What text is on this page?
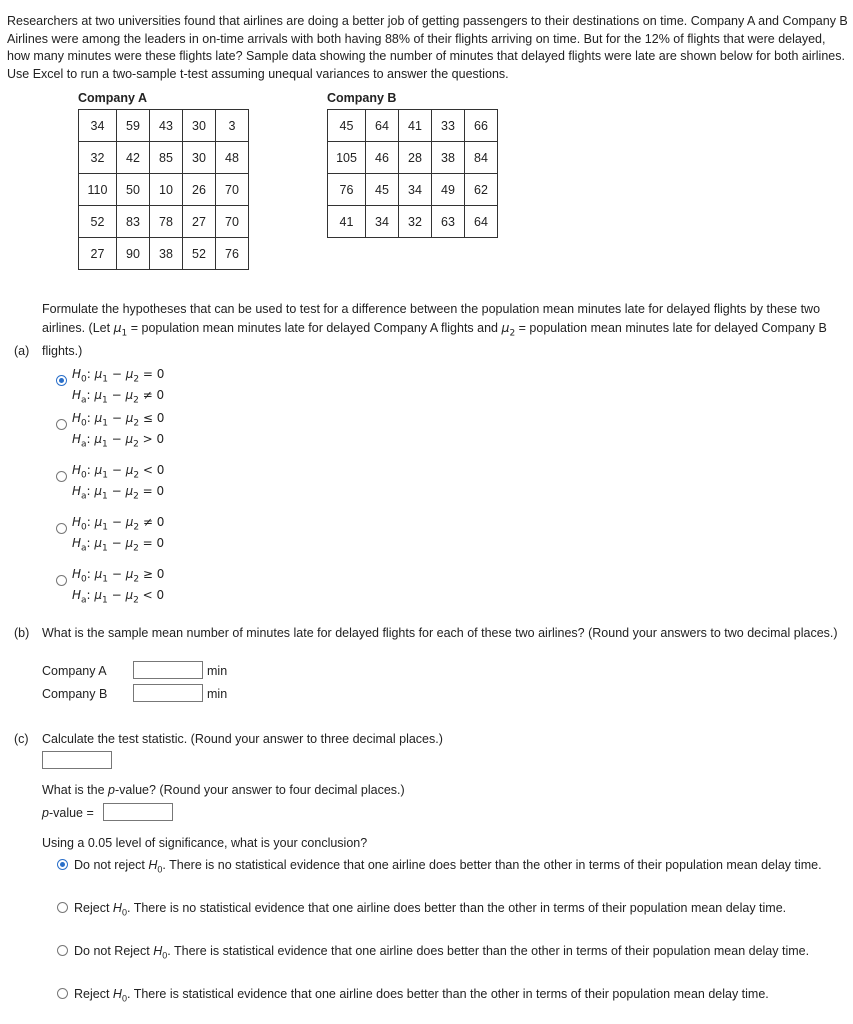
Researchers at two universities found that airlines are doing a better job of getting passengers to their destinations on time. Company A and Company B Airlines were among the leaders in on-time arrivals with both having 88% of their flights arriving on time. But for the 12% of flights that were delayed, how many minutes were these flights late? Sample data showing the number of minutes that delayed flights were late are shown below for both airlines. Use Excel to run a two-sample t-test assuming unequal variances to answer the questions.
Company A
34	59	43	30	3
32	42	85	30	48
110	50	10	26	70
52	83	78	27	70
27	90	38	52	76
Company B
45	64	41	33	66
105	46	28	38	84
76	45	34	49	62
41	34	32	63	64
(a)Formulate the hypotheses that can be used to test for a difference between the population mean minutes late for delayed flights by these two airlines. (Let $\mu_1$ = population mean minutes late for delayed Company A flights and $\mu_2$ = population mean minutes late for delayed Company B flights.)
$H_0$: $\mu_1 - \mu_2 = 0$
$H_a$: $\mu_1 - \mu_2 \ne 0$
$H_0$: $\mu_1 - \mu_2 \le 0$
$H_a$: $\mu_1 - \mu_2 > 0$
$H_0$: $\mu_1 - \mu_2 < 0$
$H_a$: $\mu_1 - \mu_2 = 0$
$H_0$: $\mu_1 - \mu_2 \ne 0$
$H_a$: $\mu_1 - \mu_2 = 0$
$H_0$: $\mu_1 - \mu_2 \ge 0$
$H_a$: $\mu_1 - \mu_2 < 0$
(b) What is the sample mean number of minutes late for delayed flights for each of these two airlines? (Round your answers to two decimal places.)
Company A	min
Company B	min
(c) Calculate the test statistic. (Round your answer to three decimal places.)
What is the p-value? (Round your answer to four decimal places.)
p-value =
Using a 0.05 level of significance, what is your conclusion?
Do not reject $H_0$. There is no statistical evidence that one airline does better than the other in terms of their population mean delay time.
Reject $H_0$. There is no statistical evidence that one airline does better than the other in terms of their population mean delay time.
Do not Reject $H_0$. There is statistical evidence that one airline does better than the other in terms of their population mean delay time.
Reject $H_0$. There is statistical evidence that one airline does better than the other in terms of their population mean delay time.
